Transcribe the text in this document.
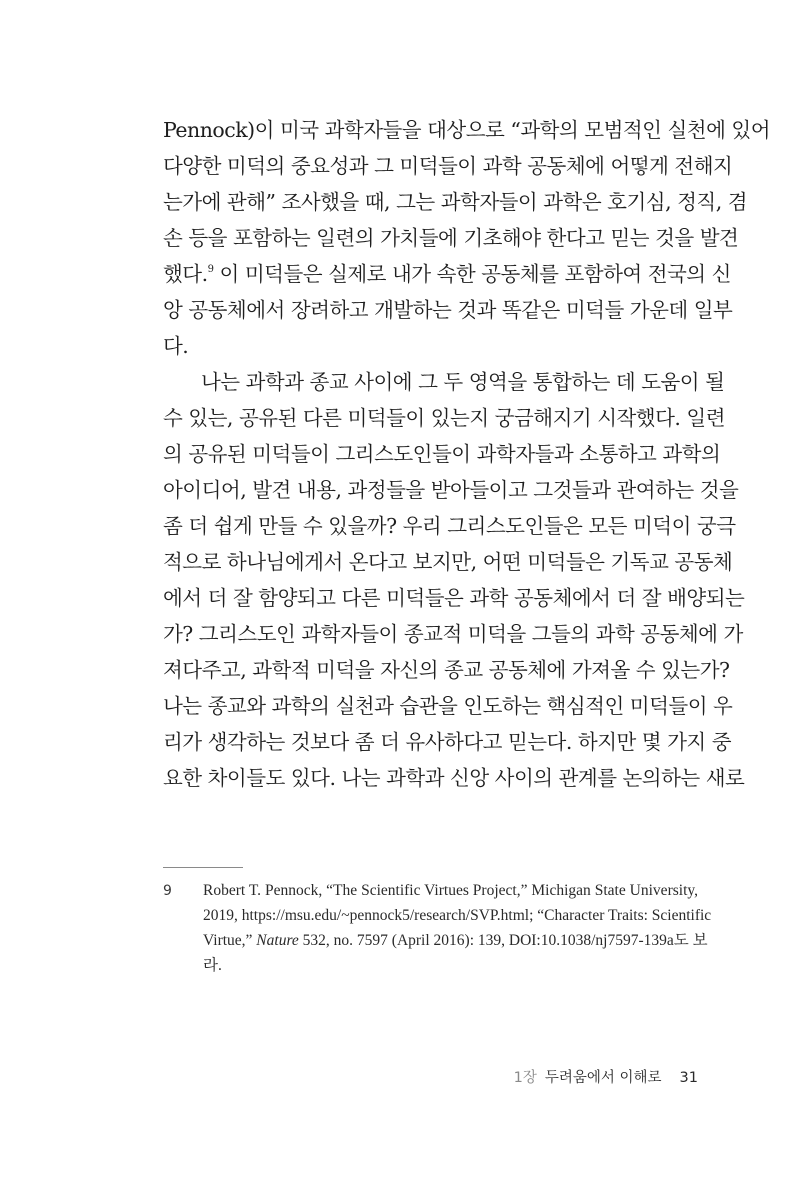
Pennock)이 미국 과학자들을 대상으로 “과학의 모범적인 실천에 있어
다양한 미덕의 중요성과 그 미덕들이 과학 공동체에 어떻게 전해지
는가에 관해” 조사했을 때, 그는 과학자들이 과학은 호기심, 정직, 겸
손 등을 포함하는 일련의 가치들에 기초해야 한다고 믿는 것을 발견
했다.$^9$ 이 미덕들은 실제로 내가 속한 공동체를 포함하여 전국의 신
앙 공동체에서 장려하고 개발하는 것과 똑같은 미덕들 가운데 일부
다.
나는 과학과 종교 사이에 그 두 영역을 통합하는 데 도움이 될
수 있는, 공유된 다른 미덕들이 있는지 궁금해지기 시작했다. 일련
의 공유된 미덕들이 그리스도인들이 과학자들과 소통하고 과학의
아이디어, 발견 내용, 과정들을 받아들이고 그것들과 관여하는 것을
좀 더 쉽게 만들 수 있을까? 우리 그리스도인들은 모든 미덕이 궁극
적으로 하나님에게서 온다고 보지만, 어떤 미덕들은 기독교 공동체
에서 더 잘 함양되고 다른 미덕들은 과학 공동체에서 더 잘 배양되는
가? 그리스도인 과학자들이 종교적 미덕을 그들의 과학 공동체에 가
져다주고, 과학적 미덕을 자신의 종교 공동체에 가져올 수 있는가?
나는 종교와 과학의 실천과 습관을 인도하는 핵심적인 미덕들이 우
리가 생각하는 것보다 좀 더 유사하다고 믿는다. 하지만 몇 가지 중
요한 차이들도 있다. 나는 과학과 신앙 사이의 관계를 논의하는 새로
9 Robert T. Pennock, “The Scientific Virtues Project,” Michigan State University,
2019, https://msu.edu/~pennock5/research/SVP.html; “Character Traits: Scientific
Virtue,” Nature 532, no. 7597 (April 2016): 139, DOI:10.1038/nj7597-139a도 보
라.
1장 두려움에서 이해로 31
